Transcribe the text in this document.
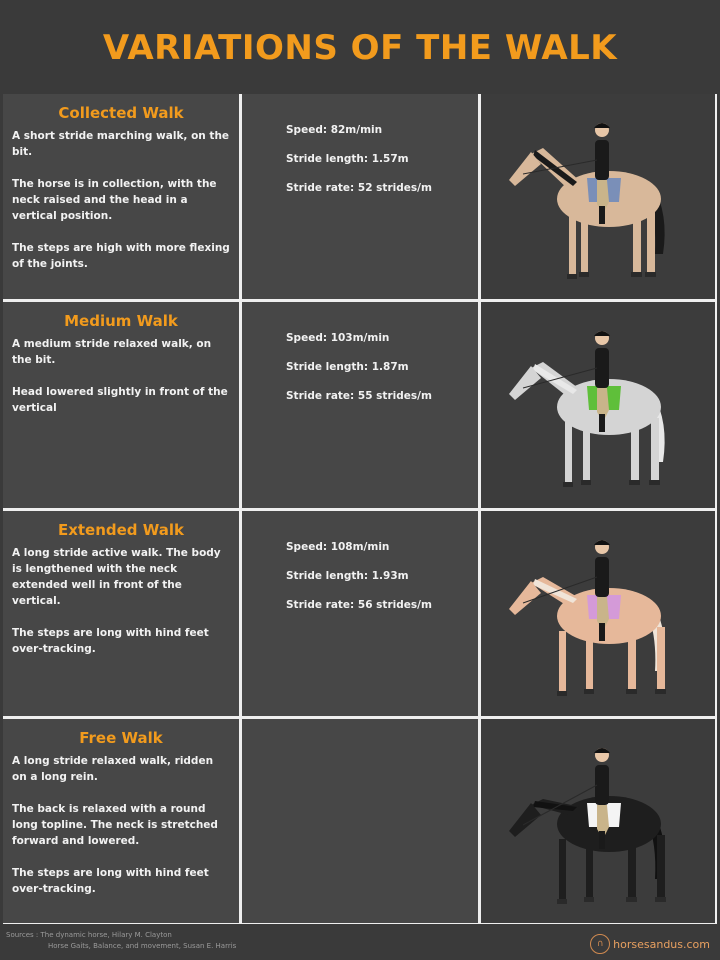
VARIATIONS OF THE WALK
Collected Walk

A short stride marching walk, on the bit.

The horse is in collection, with the neck raised and the head in a vertical position.

The steps are high with more flexing of the joints.

Speed: 82m/min
Stride length: 1.57m
Stride rate: 52 strides/m
Medium Walk

A medium stride relaxed walk, on the bit.

Head lowered slightly in front of the vertical

Speed: 103m/min
Stride length: 1.87m
Stride rate: 55 strides/m
Extended Walk

A long stride active walk. The body is lengthened with the neck extended well in front of the vertical.

The steps are long with hind feet over-tracking.

Speed: 108m/min
Stride length: 1.93m
Stride rate: 56 strides/m
Free Walk

A long stride relaxed walk, ridden on a long rein.

The back is relaxed with a round long topline. The neck is stretched forward and lowered.

The steps are long with hind feet over-tracking.

Sources : The dynamic horse, Hilary M. Clayton
Horse Gaits, Balance, and movement, Susan E. Harris	∩ horsesandus.com
